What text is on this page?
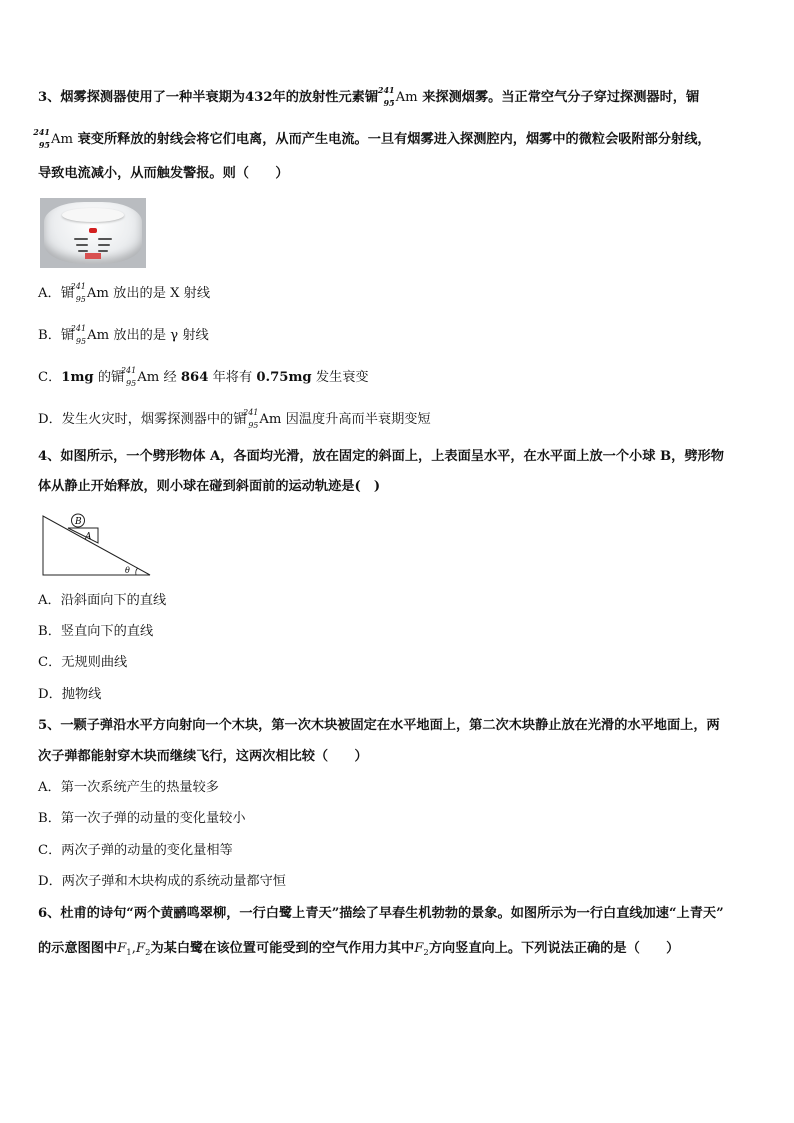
3、烟雾探测器使用了一种半衰期为432年的放射性元素镅 241
95 Am 来探测烟雾。当正常空气分子穿过探测器时，镅
241
95 Am 衰变所释放的射线会将它们电离，从而产生电流。一旦有烟雾进入探测腔内，烟雾中的微粒会吸附部分射线，
导致电流减小，从而触发警报。则（　　）
A．镅
241
95 Am 放出的是 X 射线
B．镅
241
95 Am 放出的是 γ 射线
C．1mg 的镅
241
95 Am 经 864 年将有 0.75mg 发生衰变
D．发生火灾时，烟雾探测器中的镅
241
95 Am 因温度升高而半衰期变短
4、如图所示，一个劈形物体 A，各面均光滑，放在固定的斜面上，上表面呈水平，在水平面上放一个小球 B，劈形物
体从静止开始释放，则小球在碰到斜面前的运动轨迹是(　)
B
A
θ
A．沿斜面向下的直线
B．竖直向下的直线
C．无规则曲线
D．抛物线
5、一颗子弹沿水平方向射向一个木块，第一次木块被固定在水平地面上，第二次木块静止放在光滑的水平地面上，两
次子弹都能射穿木块而继续飞行，这两次相比较（　　）
A．第一次系统产生的热量较多
B．第一次子弹的动量的变化量较小
C．两次子弹的动量的变化量相等
D．两次子弹和木块构成的系统动量都守恒
6、杜甫的诗句“两个黄鹂鸣翠柳，一行白鹭上青天”描绘了早春生机勃勃的景象。如图所示为一行白直线加速“上青天”
的示意图图中$F_1,F_2$为某白鹭在该位置可能受到的空气作用力其中$F_2$方向竖直向上。下列说法正确的是（　　）
